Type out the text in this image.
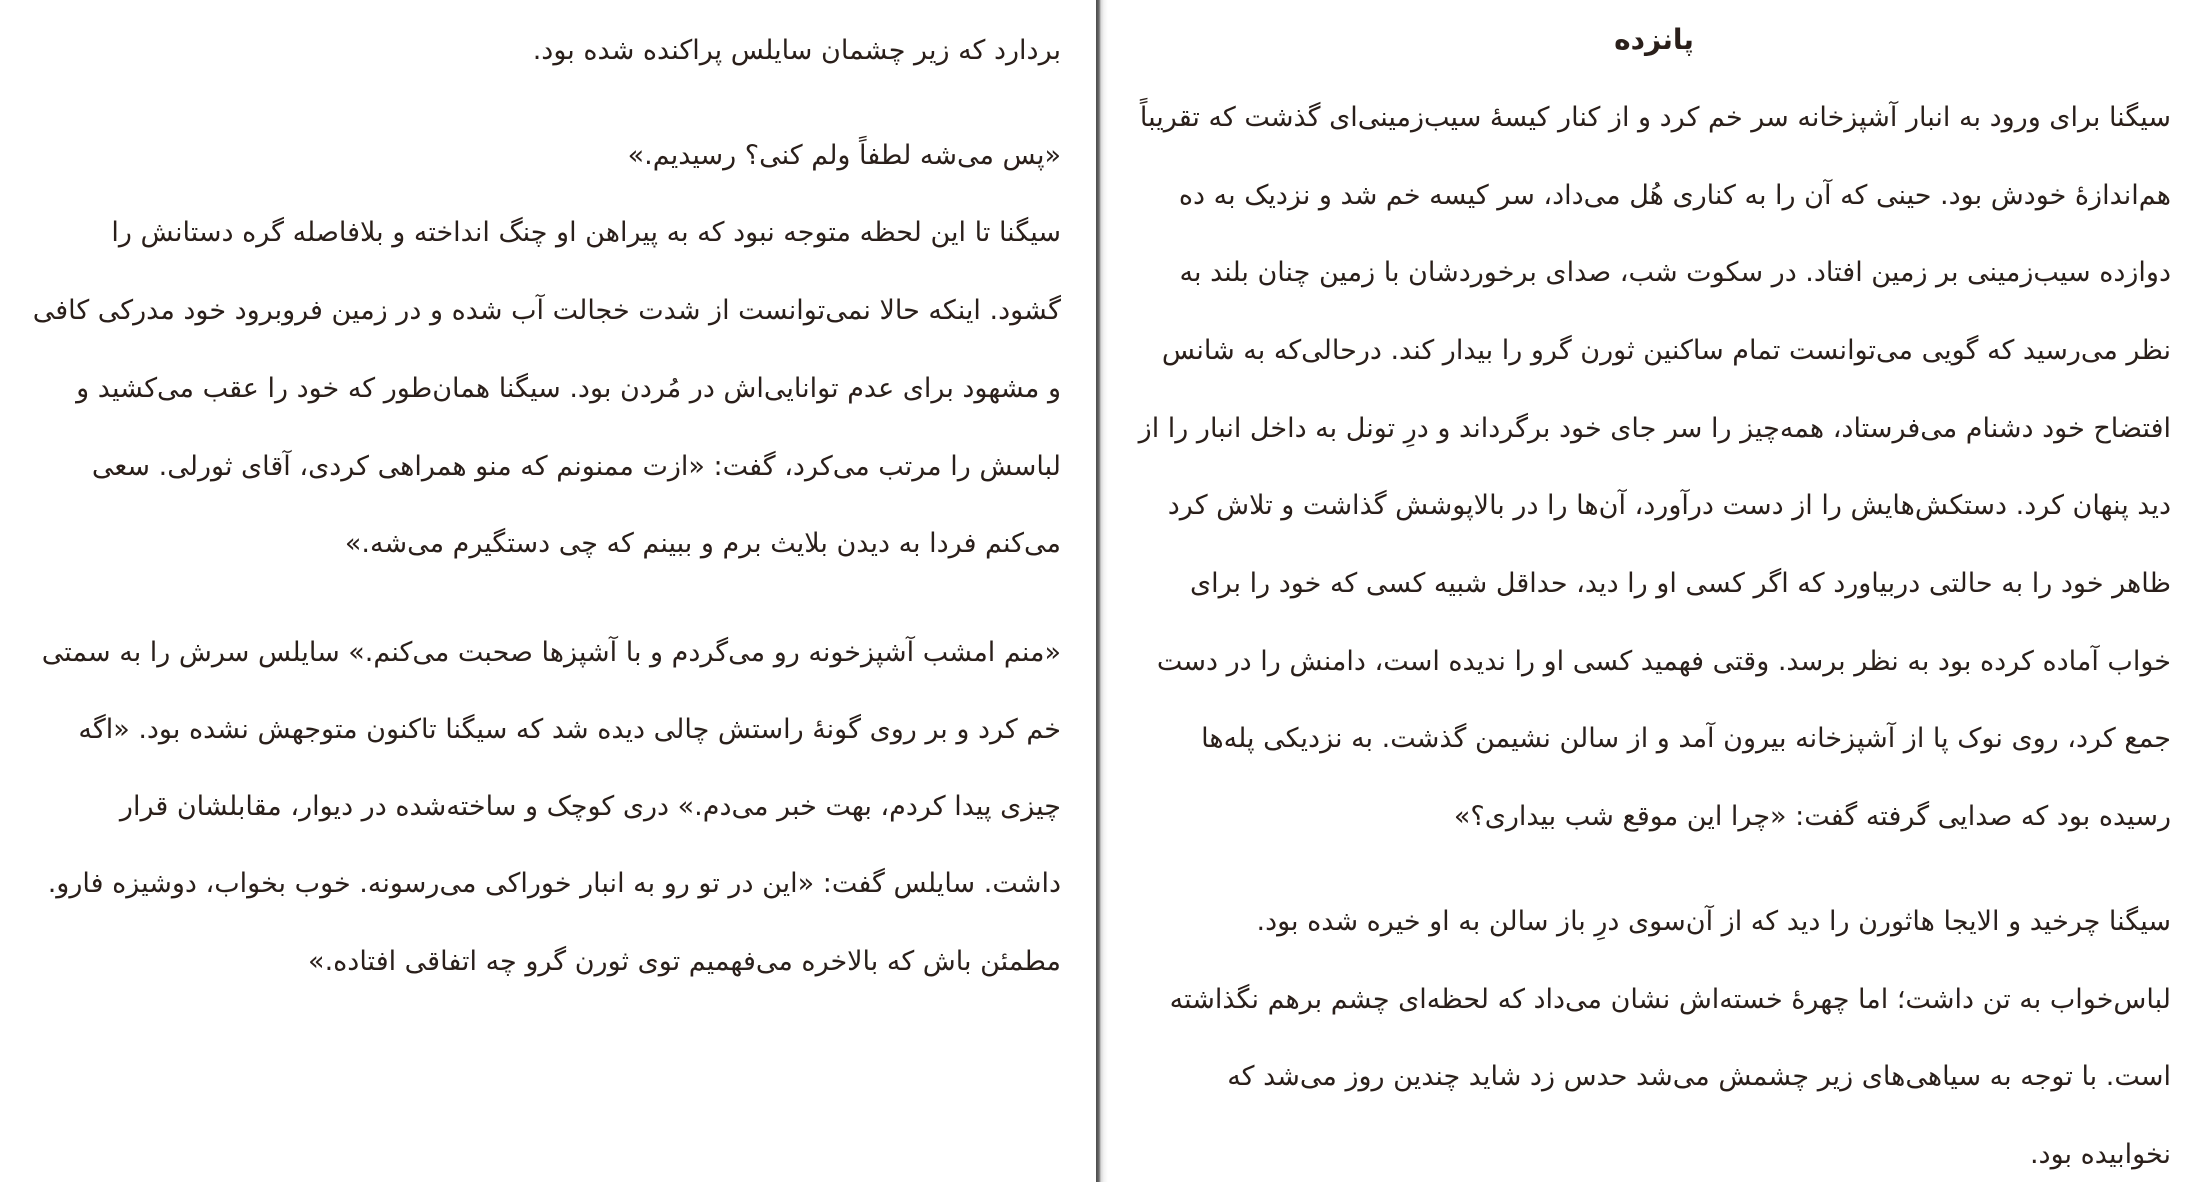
بردارد که زیر چشمان سایلس پراکنده شده بود.
«پس می‌شه لطفاً ولم کنی؟ رسیدیم.»
سیگنا تا این لحظه متوجه نبود که به پیراهن او چنگ انداخته و بلافاصله گره دستانش را
گشود. اینکه حالا نمی‌توانست از شدت خجالت آب شده و در زمین فروبرود خود مدرکی کافی
و مشهود برای عدم توانایی‌اش در مُردن بود. سیگنا همان‌طور که خود را عقب می‌کشید و
لباسش را مرتب می‌کرد، گفت: «ازت ممنونم که منو همراهی کردی، آقای ثورلی. سعی
می‌کنم فردا به دیدن بلایث برم و ببینم که چی دستگیرم می‌شه.»
«منم امشب آشپزخونه رو می‌گردم و با آشپزها صحبت می‌کنم.» سایلس سرش را به سمتی
خم کرد و بر روی گونهٔ راستش چالی دیده شد که سیگنا تاکنون متوجهش نشده بود. «اگه
چیزی پیدا کردم، بهت خبر می‌دم.» دری کوچک و ساخته‌شده در دیوار، مقابلشان قرار
داشت. سایلس گفت: «این در تو رو به انبار خوراکی می‌رسونه. خوب بخواب، دوشیزه فارو.
مطمئن باش که بالاخره می‌فهمیم توی ثورن گرو چه اتفاقی افتاده.»
پانزده
سیگنا برای ورود به انبار آشپزخانه سر خم کرد و از کنار کیسهٔ سیب‌زمینی‌ای گذشت که تقریباً
هم‌اندازهٔ خودش بود. حینی که آن را به کناری هُل می‌داد، سر کیسه خم شد و نزدیک به ده
دوازده سیب‌زمینی بر زمین افتاد. در سکوت شب، صدای برخوردشان با زمین چنان بلند به
نظر می‌رسید که گویی می‌توانست تمام ساکنین ثورن گرو را بیدار کند. درحالی‌که به شانس
افتضاح خود دشنام می‌فرستاد، همه‌چیز را سر جای خود برگرداند و درِ تونل به داخل انبار را از
دید پنهان کرد. دستکش‌هایش را از دست درآورد، آن‌ها را در بالاپوشش گذاشت و تلاش کرد
ظاهر خود را به حالتی دربیاورد که اگر کسی او را دید، حداقل شبیه کسی که خود را برای
خواب آماده کرده بود به نظر برسد. وقتی فهمید کسی او را ندیده است، دامنش را در دست
جمع کرد، روی نوک پا از آشپزخانه بیرون آمد و از سالن نشیمن گذشت. به نزدیکی پله‌ها
رسیده بود که صدایی گرفته گفت: «چرا این موقع شب بیداری؟»
سیگنا چرخید و الایجا هاثورن را دید که از آن‌سوی درِ باز سالن به او خیره شده بود.
لباس‌خواب به تن داشت؛ اما چهرهٔ خسته‌اش نشان می‌داد که لحظه‌ای چشم برهم نگذاشته
است. با توجه به سیاهی‌های زیر چشمش می‌شد حدس زد شاید چندین روز می‌شد که
نخوابیده بود.
